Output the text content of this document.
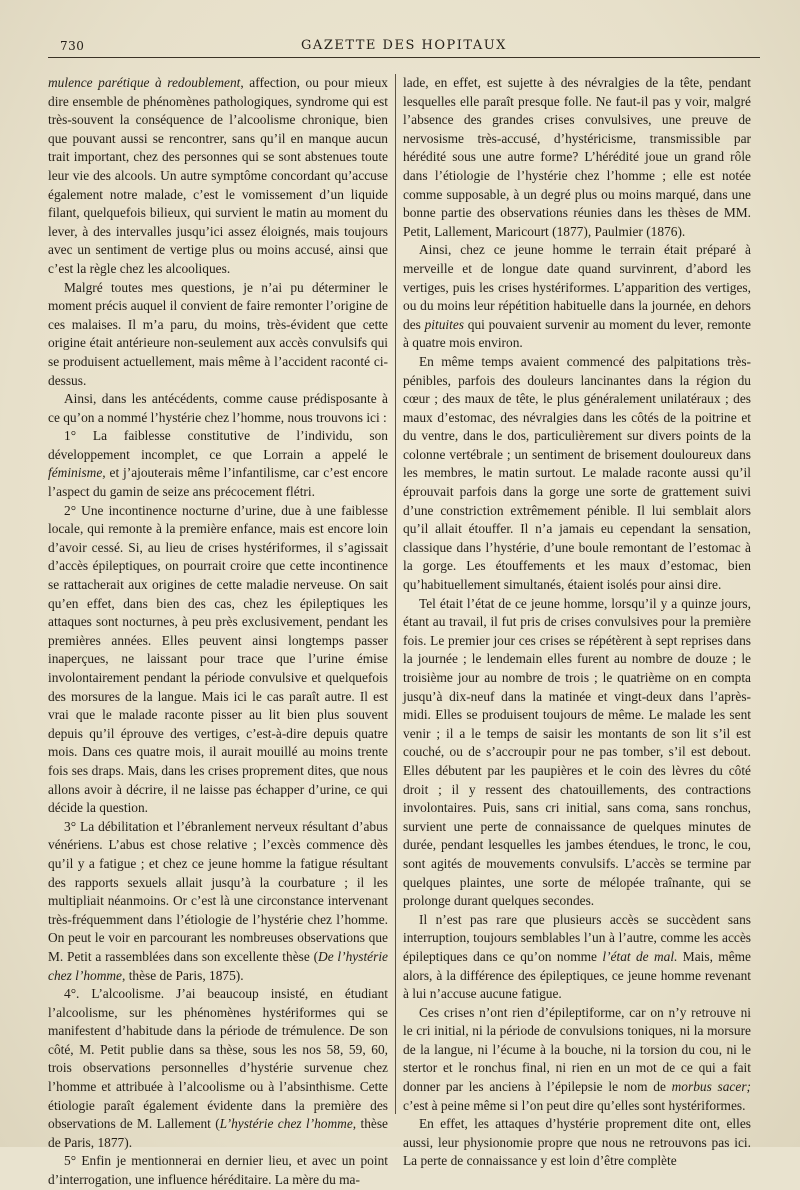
730	GAZETTE DES HOPITAUX

mulence parétique à redoublement, affection, ou pour mieux dire ensemble de phénomènes pathologiques, syndrome qui est très-souvent la conséquence de l’alcoolisme chronique, bien que pouvant aussi se rencontrer, sans qu’il en manque aucun trait important, chez des personnes qui se sont abstenues toute leur vie des alcools. Un autre symptôme concordant qu’accuse également notre malade, c’est le vomissement d’un liquide filant, quelquefois bilieux, qui survient le matin au moment du lever, à des intervalles jusqu’ici assez éloignés, mais toujours avec un sentiment de vertige plus ou moins accusé, ainsi que c’est la règle chez les alcooliques.

Malgré toutes mes questions, je n’ai pu déterminer le moment précis auquel il convient de faire remonter l’origine de ces malaises. Il m’a paru, du moins, très-évident que cette origine était antérieure non-seulement aux accès convulsifs qui se produisent actuellement, mais même à l’accident raconté ci-dessus.

Ainsi, dans les antécédents, comme cause prédisposante à ce qu’on a nommé l’hystérie chez l’homme, nous trouvons ici :

1° La faiblesse constitutive de l’individu, son développement incomplet, ce que Lorrain a appelé le féminisme, et j’ajouterais même l’infantilisme, car c’est encore l’aspect du gamin de seize ans précocement flétri.

2° Une incontinence nocturne d’urine, due à une faiblesse locale, qui remonte à la première enfance, mais est encore loin d’avoir cessé. Si, au lieu de crises hystériformes, il s’agissait d’accès épileptiques, on pourrait croire que cette incontinence se rattacherait aux origines de cette maladie nerveuse. On sait qu’en effet, dans bien des cas, chez les épileptiques les attaques sont nocturnes, à peu près exclusivement, pendant les premières années. Elles peuvent ainsi longtemps passer inaperçues, ne laissant pour trace que l’urine émise involontairement pendant la période convulsive et quelquefois des morsures de la langue. Mais ici le cas paraît autre. Il est vrai que le malade raconte pisser au lit bien plus souvent depuis qu’il éprouve des vertiges, c’est-à-dire depuis quatre mois. Dans ces quatre mois, il aurait mouillé au moins trente fois ses draps. Mais, dans les crises proprement dites, que nous allons avoir à décrire, il ne laisse pas échapper d’urine, ce qui décide la question.

3° La débilitation et l’ébranlement nerveux résultant d’abus vénériens. L’abus est chose relative ; l’excès commence dès qu’il y a fatigue ; et chez ce jeune homme la fatigue résultant des rapports sexuels allait jusqu’à la courbature ; il les multipliait néanmoins. Or c’est là une circonstance intervenant très-fréquemment dans l’étiologie de l’hystérie chez l’homme. On peut le voir en parcourant les nombreuses observations que M. Petit a rassemblées dans son excellente thèse (De l’hystérie chez l’homme, thèse de Paris, 1875).

4°. L’alcoolisme. J’ai beaucoup insisté, en étudiant l’alcoolisme, sur les phénomènes hystériformes qui se manifestent d’habitude dans la période de trémulence. De son côté, M. Petit publie dans sa thèse, sous les nos 58, 59, 60, trois observations personnelles d’hystérie survenue chez l’homme et attribuée à l’alcoolisme ou à l’absinthisme. Cette étiologie paraît également évidente dans la première des observations de M. Lallement (L’hystérie chez l’homme, thèse de Paris, 1877).

5° Enfin je mentionnerai en dernier lieu, et avec un point d’interrogation, une influence héréditaire. La mère du ma-

lade, en effet, est sujette à des névralgies de la tête, pendant lesquelles elle paraît presque folle. Ne faut-il pas y voir, malgré l’absence des grandes crises convulsives, une preuve de nervosisme très-accusé, d’hystéricisme, transmissible par hérédité sous une autre forme? L’hérédité joue un grand rôle dans l’étiologie de l’hystérie chez l’homme ; elle est notée comme supposable, à un degré plus ou moins marqué, dans une bonne partie des observations réunies dans les thèses de MM. Petit, Lallement, Maricourt (1877), Paulmier (1876).

Ainsi, chez ce jeune homme le terrain était préparé à merveille et de longue date quand survinrent, d’abord les vertiges, puis les crises hystériformes. L’apparition des vertiges, ou du moins leur répétition habituelle dans la journée, en dehors des pituites qui pouvaient survenir au moment du lever, remonte à quatre mois environ.

En même temps avaient commencé des palpitations très-pénibles, parfois des douleurs lancinantes dans la région du cœur ; des maux de tête, le plus généralement unilatéraux ; des maux d’estomac, des névralgies dans les côtés de la poitrine et du ventre, dans le dos, particulièrement sur divers points de la colonne vertébrale ; un sentiment de brisement douloureux dans les membres, le matin surtout. Le malade raconte aussi qu’il éprouvait parfois dans la gorge une sorte de grattement suivi d’une constriction extrêmement pénible. Il lui semblait alors qu’il allait étouffer. Il n’a jamais eu cependant la sensation, classique dans l’hystérie, d’une boule remontant de l’estomac à la gorge. Les étouffements et les maux d’estomac, bien qu’habituellement simultanés, étaient isolés pour ainsi dire.

Tel était l’état de ce jeune homme, lorsqu’il y a quinze jours, étant au travail, il fut pris de crises convulsives pour la première fois. Le premier jour ces crises se répétèrent à sept reprises dans la journée ; le lendemain elles furent au nombre de douze ; le troisième jour au nombre de trois ; le quatrième on en compta jusqu’à dix-neuf dans la matinée et vingt-deux dans l’après-midi. Elles se produisent toujours de même. Le malade les sent venir ; il a le temps de saisir les montants de son lit s’il est couché, ou de s’accroupir pour ne pas tomber, s’il est debout. Elles débutent par les paupières et le coin des lèvres du côté droit ; il y ressent des chatouillements, des contractions involontaires. Puis, sans cri initial, sans coma, sans ronchus, survient une perte de connaissance de quelques minutes de durée, pendant lesquelles les jambes étendues, le tronc, le cou, sont agités de mouvements convulsifs. L’accès se termine par quelques plaintes, une sorte de mélopée traînante, qui se prolonge durant quelques secondes.

Il n’est pas rare que plusieurs accès se succèdent sans interruption, toujours semblables l’un à l’autre, comme les accès épileptiques dans ce qu’on nomme l’état de mal. Mais, même alors, à la différence des épileptiques, ce jeune homme revenant à lui n’accuse aucune fatigue.

Ces crises n’ont rien d’épileptiforme, car on n’y retrouve ni le cri initial, ni la période de convulsions toniques, ni la morsure de la langue, ni l’écume à la bouche, ni la torsion du cou, ni le stertor et le ronchus final, ni rien en un mot de ce qui a fait donner par les anciens à l’épilepsie le nom de morbus sacer; c’est à peine même si l’on peut dire qu’elles sont hystériformes.

En effet, les attaques d’hystérie proprement dite ont, elles aussi, leur physionomie propre que nous ne retrouvons pas ici. La perte de connaissance y est loin d’être complète
